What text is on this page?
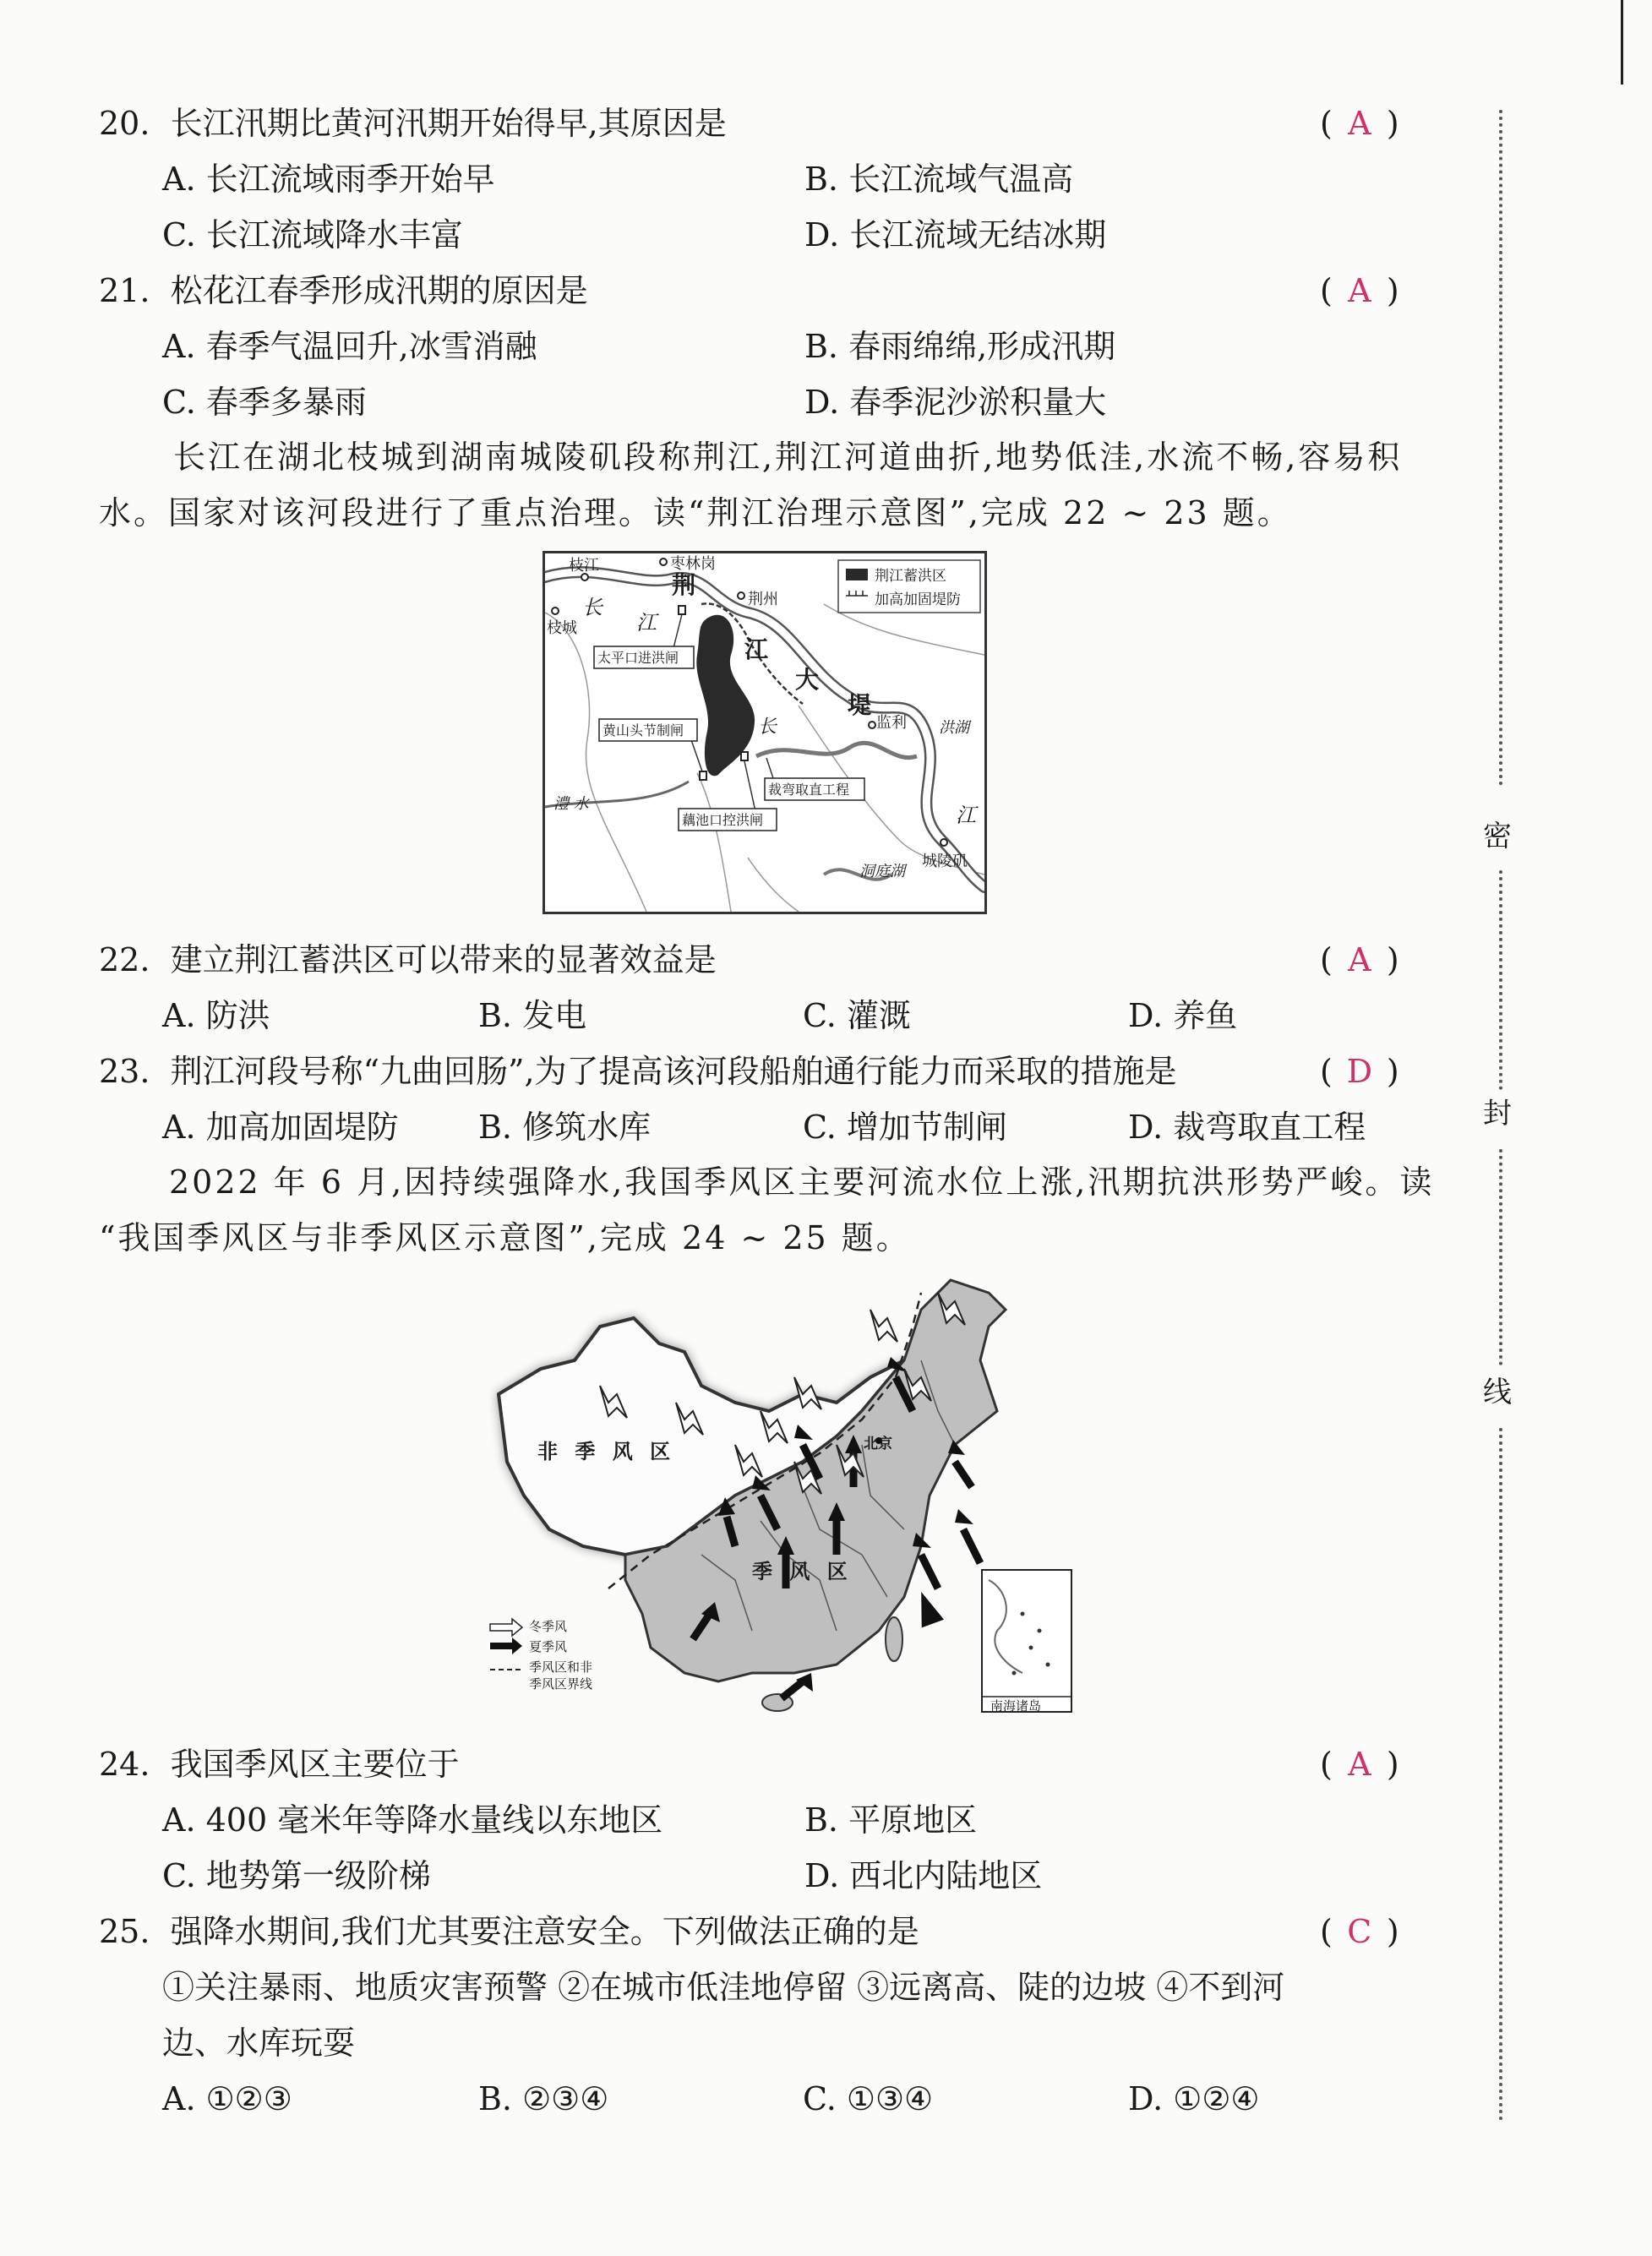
20. 长江汛期比黄河汛期开始得早,其原因是	( A )
A. 长江流域雨季开始早	B. 长江流域气温高
C. 长江流域降水丰富	D. 长江流域无结冰期
21. 松花江春季形成汛期的原因是	( A )
A. 春季气温回升,冰雪消融	B. 春雨绵绵,形成汛期
C. 春季多暴雨	D. 春季泥沙淤积量大
长江在湖北枝城到湖南城陵矶段称荆江,荆江河道曲折,地势低洼,水流不畅,容易积
水。国家对该河段进行了重点治理。读“荆江治理示意图”,完成 22 ~ 23 题。
枝江	枣林岗
荆
荆州
枝城
长
江
江
大
堤
长
太平口进洪闸
黄山头节制闸
裁弯取直工程
藕池口控洪闸
监利 洪湖
江
澧 水
洞庭湖
城陵矶
荆江蓄洪区
加高加固堤防
22. 建立荆江蓄洪区可以带来的显著效益是	( A )
A. 防洪	B. 发电	C. 灌溉	D. 养鱼
23. 荆江河段号称“九曲回肠”,为了提高该河段船舶通行能力而采取的措施是	( D )
A. 加高加固堤防 B. 修筑水库	C. 增加节制闸	D. 裁弯取直工程
2022 年 6 月,因持续强降水,我国季风区主要河流水位上涨,汛期抗洪形势严峻。读
“我国季风区与非季风区示意图”,完成 24 ~ 25 题。
非 季 风 区
季 风 区
北京
南海诸岛
冬季风
夏季风
季风区和非
季风区界线
24. 我国季风区主要位于	( A )
A. 400 毫米年等降水量线以东地区	B. 平原地区
C. 地势第一级阶梯	D. 西北内陆地区
25. 强降水期间,我们尤其要注意安全。下列做法正确的是	( C )
①关注暴雨、地质灾害预警 ②在城市低洼地停留 ③远离高、陡的边坡 ④不到河
边、水库玩耍
A. ①②③	B. ②③④	C. ①③④	D. ①②④
密
封
线
